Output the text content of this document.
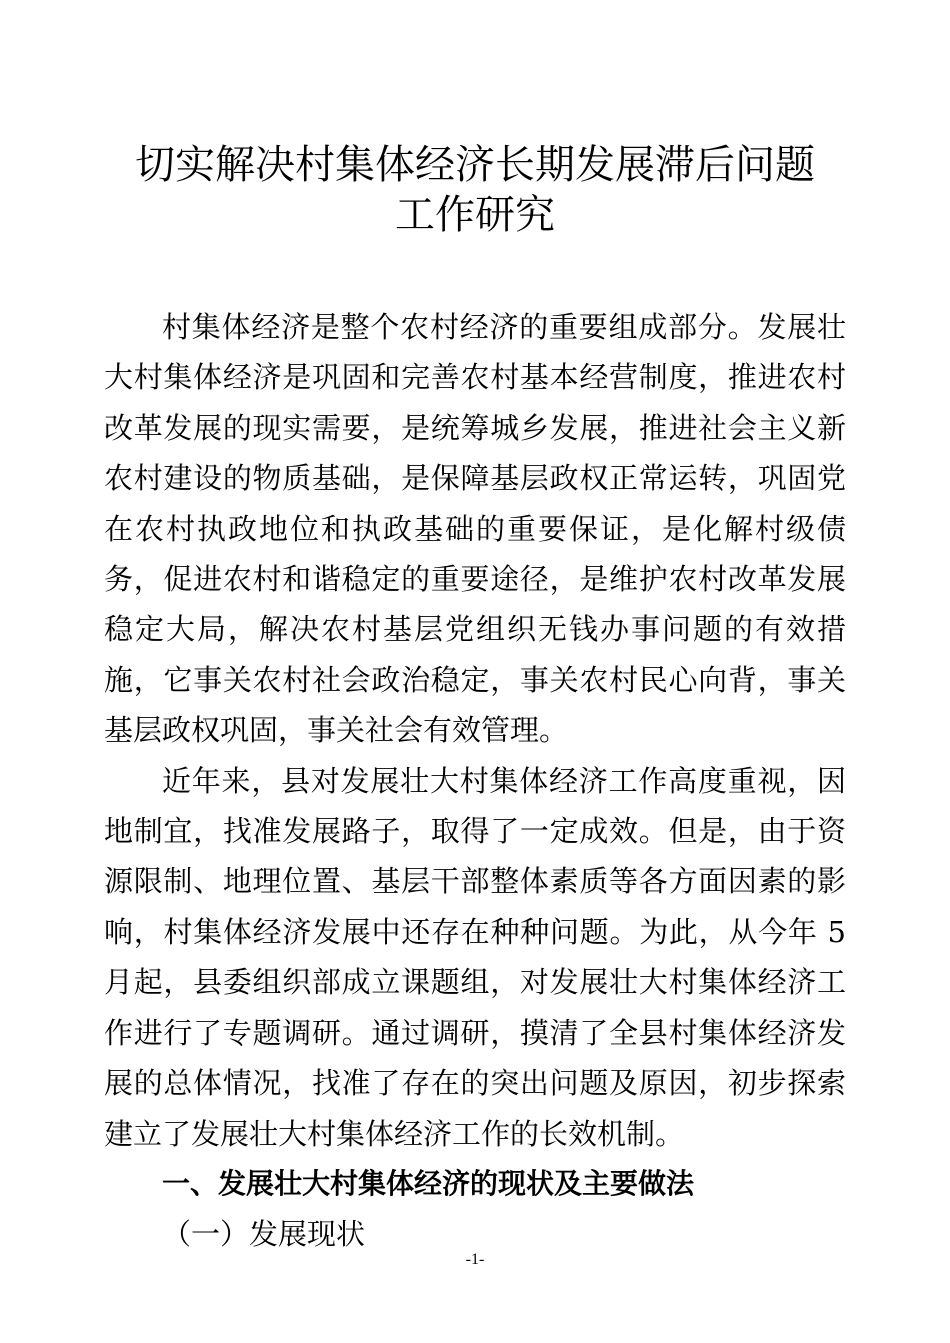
切实解决村集体经济长期发展滞后问题
工作研究

村集体经济是整个农村经济的重要组成部分。发展壮大村集体经济是巩固和完善农村基本经营制度，推进农村改革发展的现实需要，是统筹城乡发展，推进社会主义新农村建设的物质基础，是保障基层政权正常运转，巩固党在农村执政地位和执政基础的重要保证，是化解村级债务，促进农村和谐稳定的重要途径，是维护农村改革发展稳定大局，解决农村基层党组织无钱办事问题的有效措施，它事关农村社会政治稳定，事关农村民心向背，事关基层政权巩固，事关社会有效管理。

近年来，县对发展壮大村集体经济工作高度重视，因地制宜，找准发展路子，取得了一定成效。但是，由于资源限制、地理位置、基层干部整体素质等各方面因素的影响，村集体经济发展中还存在种种问题。为此，从今年 5 月起，县委组织部成立课题组，对发展壮大村集体经济工作进行了专题调研。通过调研，摸清了全县村集体经济发展的总体情况，找准了存在的突出问题及原因，初步探索建立了发展壮大村集体经济工作的长效机制。

一、发展壮大村集体经济的现状及主要做法

（一）发展现状

-1-
